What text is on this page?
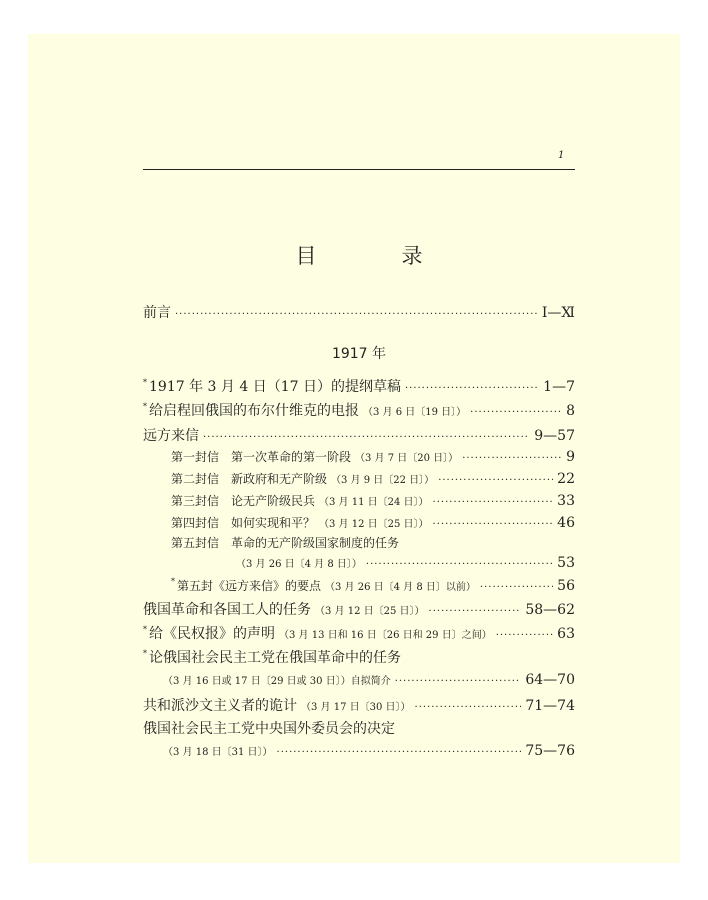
1
目　录
前言 ·····	Ⅰ—Ⅺ
1917 年
* 1917 年 3 月 4 日（17 日）的提纲草稿 ·····	1—7
* 给启程回俄国的布尔什维克的电报 （3 月 6 日〔19 日〕） ·····	8
远方来信 ·····	9—57
第一封信　第一次革命的第一阶段 （3 月 7 日〔20 日〕） ·····	9
第二封信　新政府和无产阶级 （3 月 9 日〔22 日〕） ·····	22
第三封信　论无产阶级民兵 （3 月 11 日〔24 日〕） ·····	33
第四封信　如何实现和平？ （3 月 12 日〔25 日〕） ·····	46
第五封信　革命的无产阶级国家制度的任务
（3 月 26 日〔4 月 8 日〕） ·····	53
* 第五封《远方来信》的要点 （3 月 26 日〔4 月 8 日〕以前） ·····	56
俄国革命和各国工人的任务 （3 月 12 日〔25 日〕） ·····	58—62
* 给《民权报》的声明 （3 月 13 日和 16 日〔26 日和 29 日〕之间） ·····	63
* 论俄国社会民主工党在俄国革命中的任务
（3 月 16 日或 17 日〔29 日或 30 日〕）自拟简介 ·····	64—70
共和派沙文主义者的诡计 （3 月 17 日〔30 日〕） ·····	71—74
俄国社会民主工党中央国外委员会的决定
（3 月 18 日〔31 日〕） ·····	75—76
